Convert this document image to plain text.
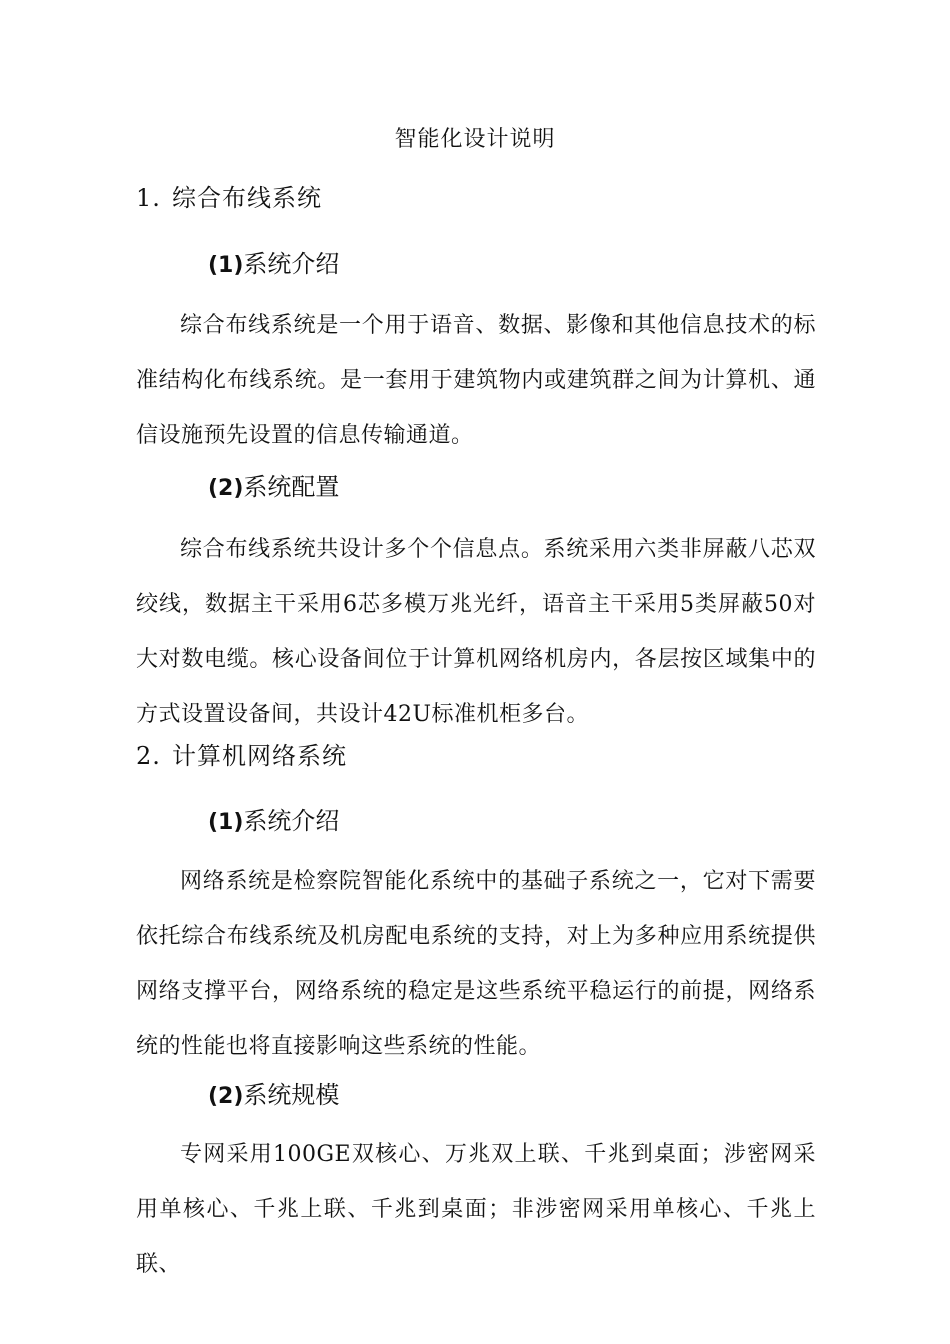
智能化设计说明
1. 综合布线系统
(1)系统介绍

综合布线系统是一个用于语音、数据、影像和其他信息技术的标准结构化布线系统。是一套用于建筑物内或建筑群之间为计算机、通信设施预先设置的信息传输通道。

(2)系统配置

综合布线系统共设计多个个信息点。系统采用六类非屏蔽八芯双绞线，数据主干采用6芯多模万兆光纤，语音主干采用5类屏蔽50对大对数电缆。核心设备间位于计算机网络机房内，各层按区域集中的方式设置设备间，共设计42U标准机柜多台。

2. 计算机网络系统
(1)系统介绍

网络系统是检察院智能化系统中的基础子系统之一，它对下需要依托综合布线系统及机房配电系统的支持，对上为多种应用系统提供网络支撑平台，网络系统的稳定是这些系统平稳运行的前提，网络系统的性能也将直接影响这些系统的性能。

(2)系统规模

专网采用100GE双核心、万兆双上联、千兆到桌面；涉密网采用单核心、千兆上联、千兆到桌面；非涉密网采用单核心、千兆上联、
